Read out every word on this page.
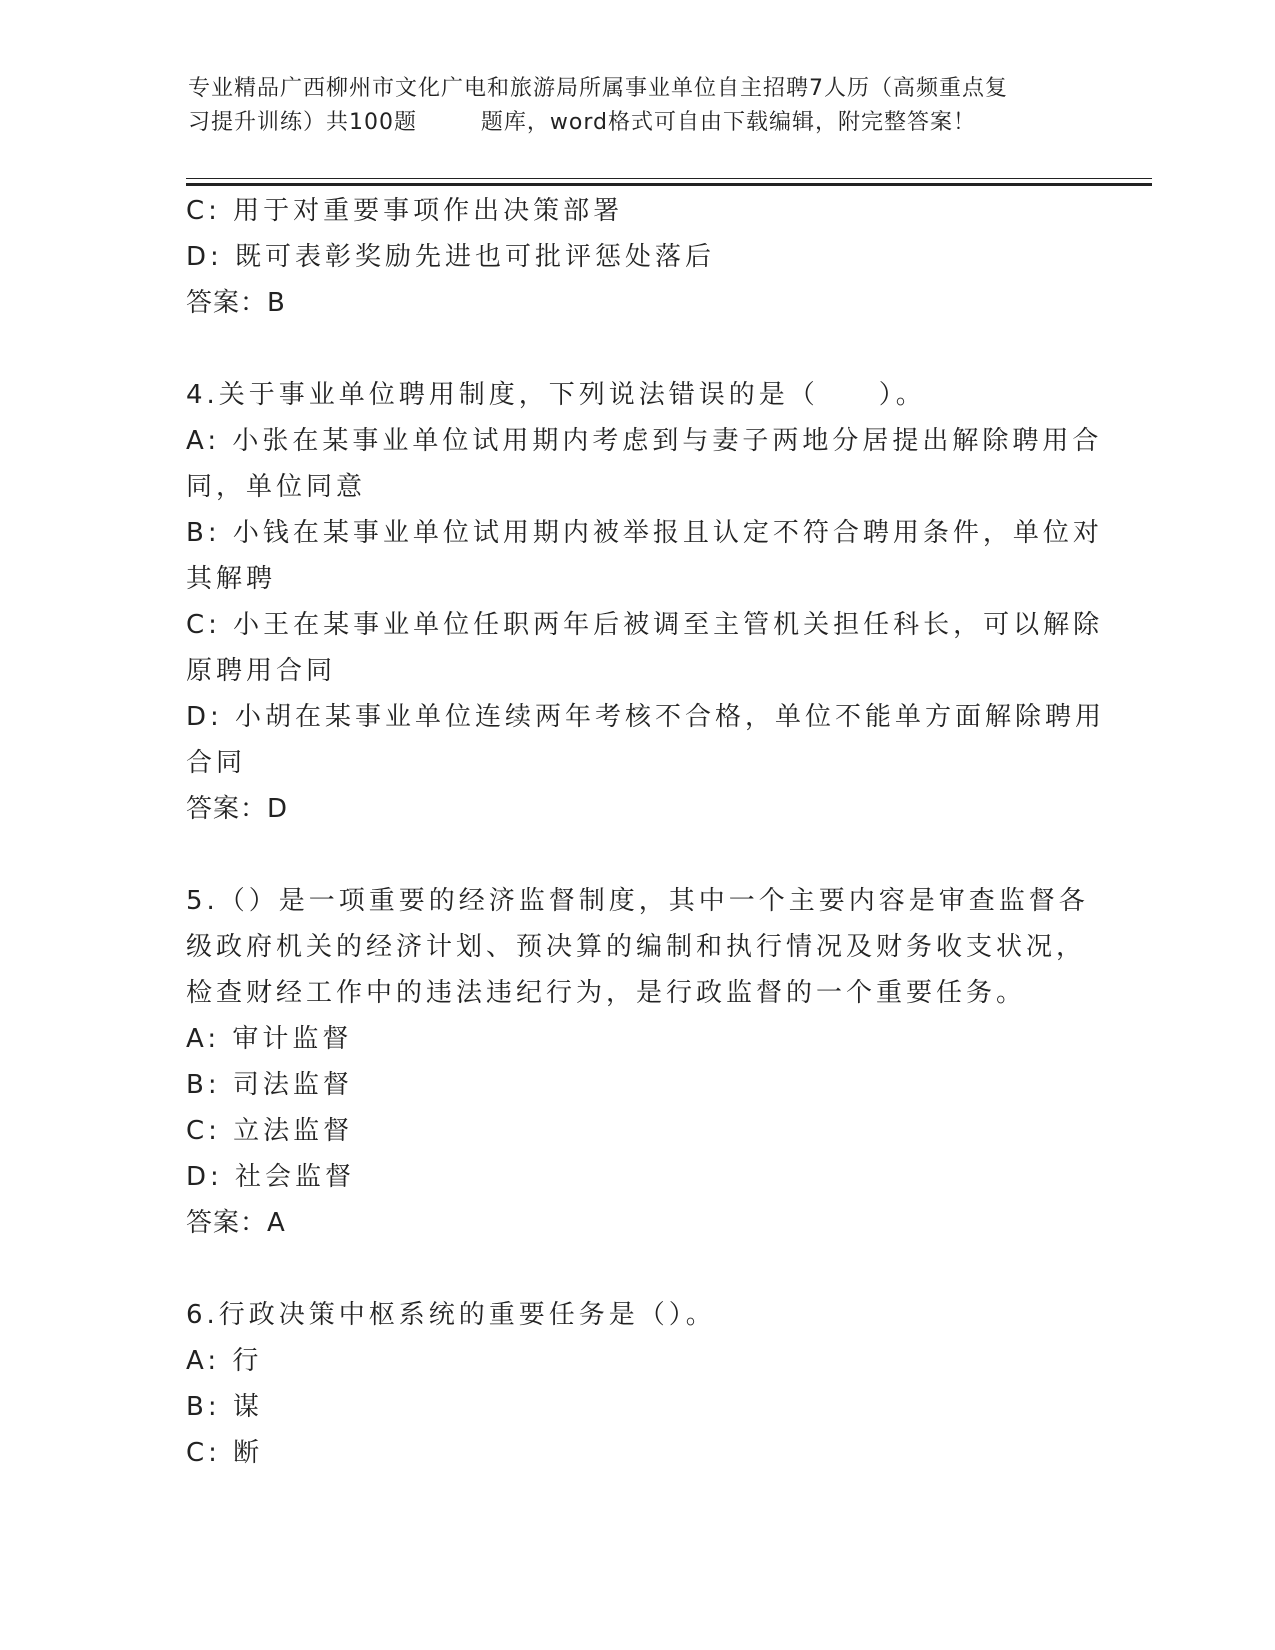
专业精品广西柳州市文化广电和旅游局所属事业单位自主招聘7人历（高频重点复
习提升训练）共100题        题库，word格式可自由下载编辑，附完整答案！
C: 用于对重要事项作出决策部署
D: 既可表彰奖励先进也可批评惩处落后
答案：B
4.关于事业单位聘用制度，下列说法错误的是（　　）。
A: 小张在某事业单位试用期内考虑到与妻子两地分居提出解除聘用合
同，单位同意
B: 小钱在某事业单位试用期内被举报且认定不符合聘用条件，单位对
其解聘
C: 小王在某事业单位任职两年后被调至主管机关担任科长，可以解除
原聘用合同
D: 小胡在某事业单位连续两年考核不合格，单位不能单方面解除聘用
合同
答案：D
5.（）是一项重要的经济监督制度，其中一个主要内容是审查监督各
级政府机关的经济计划、预决算的编制和执行情况及财务收支状况，
检查财经工作中的违法违纪行为，是行政监督的一个重要任务。
A: 审计监督
B: 司法监督
C: 立法监督
D: 社会监督
答案：A
6.行政决策中枢系统的重要任务是（）。
A: 行
B: 谋
C: 断
